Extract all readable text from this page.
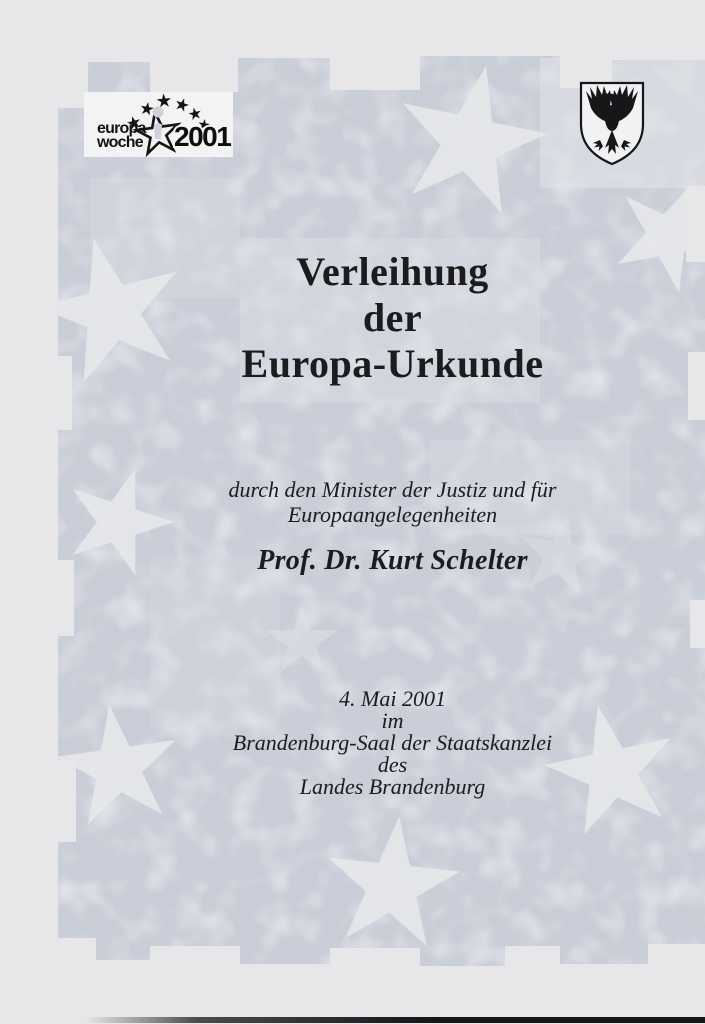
europa
woche 2001
Verleihung
der
Europa-Urkunde
durch den Minister der Justiz und für
Europaangelegenheiten
Prof. Dr. Kurt Schelter
4. Mai 2001
im
Brandenburg-Saal der Staatskanzlei
des
Landes Brandenburg
